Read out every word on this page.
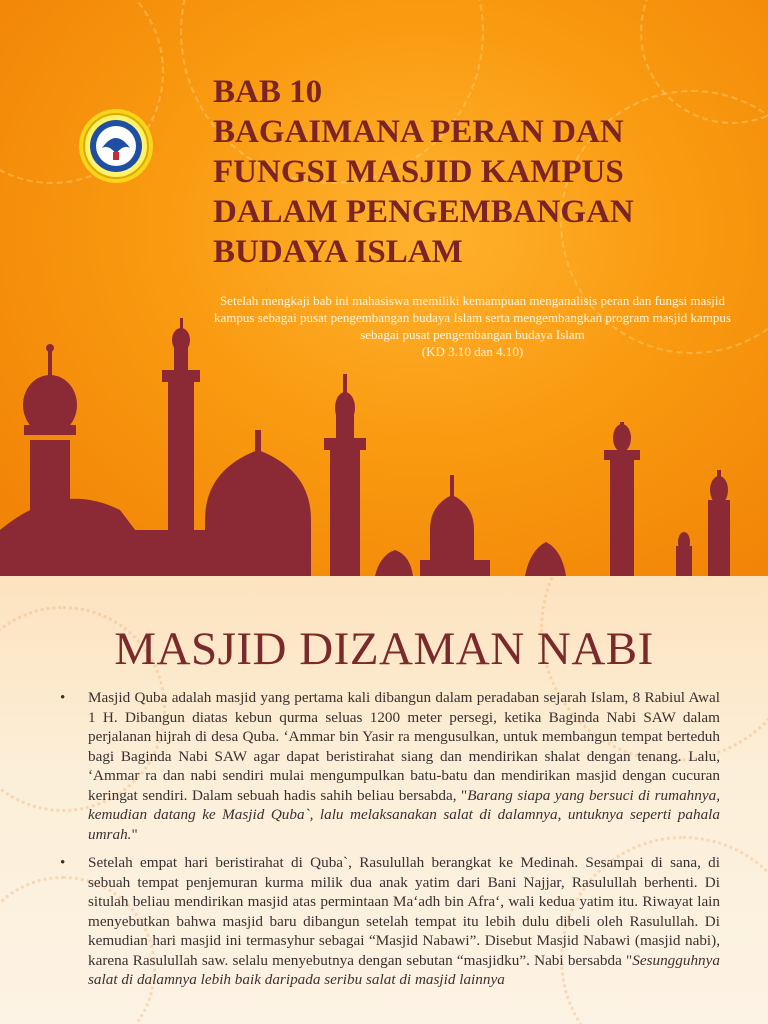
BAB 10
BAGAIMANA PERAN DAN
FUNGSI MASJID KAMPUS
DALAM PENGEMBANGAN
BUDAYA ISLAM
Setelah mengkaji bab ini mahasiswa memiliki kemampuan menganalisis peran dan fungsi masjid kampus sebagai pusat pengembangan budaya Islam serta mengembangkan program masjid kampus sebagai pusat pengembangan budaya Islam
(KD 3.10 dan 4.10)
MASJID DIZAMAN NABI
• Masjid Quba adalah masjid yang pertama kali dibangun dalam peradaban sejarah Islam, 8 Rabiul Awal 1 H. Dibangun diatas kebun qurma seluas 1200 meter persegi, ketika Baginda Nabi SAW dalam perjalanan hijrah di desa Quba. ‘Ammar bin Yasir ra mengusulkan, untuk membangun tempat berteduh bagi Baginda Nabi SAW agar dapat beristirahat siang dan mendirikan shalat dengan tenang. Lalu, ‘Ammar ra dan nabi sendiri mulai mengumpulkan batu-batu dan mendirikan masjid dengan cucuran keringat sendiri. Dalam sebuah hadis sahih beliau bersabda, "Barang siapa yang bersuci di rumahnya, kemudian datang ke Masjid Quba`, lalu melaksanakan salat di dalamnya, untuknya seperti pahala umrah."
• Setelah empat hari beristirahat di Quba`, Rasulullah berangkat ke Medinah. Sesampai di sana, di sebuah tempat penjemuran kurma milik dua anak yatim dari Bani Najjar, Rasulullah berhenti. Di situlah beliau mendirikan masjid atas permintaan Ma‘adh bin Afra‘, wali kedua yatim itu. Riwayat lain menyebutkan bahwa masjid baru dibangun setelah tempat itu lebih dulu dibeli oleh Rasulullah. Di kemudian hari masjid ini termasyhur sebagai “Masjid Nabawi”. Disebut Masjid Nabawi (masjid nabi), karena Rasulullah saw. selalu menyebutnya dengan sebutan “masjidku”. Nabi bersabda "Sesungguhnya salat di dalamnya lebih baik daripada seribu salat di masjid lainnya
